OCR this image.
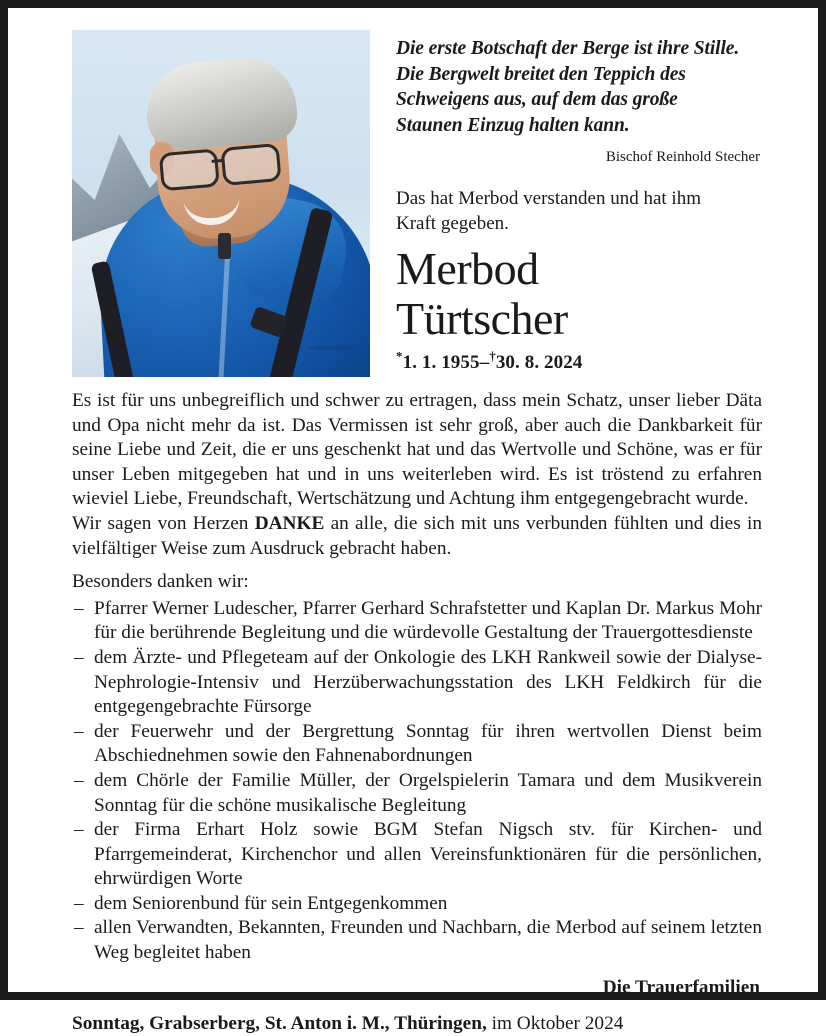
Die erste Botschaft der Berge ist ihre Stille.
Die Bergwelt breitet den Teppich des
Schweigens aus, auf dem das große
Staunen Einzug halten kann.
Bischof Reinhold Stecher
Das hat Merbod verstanden und hat ihm
Kraft gegeben.
Merbod
Türtscher
*1. 1. 1955–†30. 8. 2024

Es ist für uns unbegreiflich und schwer zu ertragen, dass mein Schatz, unser lieber Däta und Opa nicht mehr da ist. Das Vermissen ist sehr groß, aber auch die Dankbarkeit für seine Liebe und Zeit, die er uns geschenkt hat und das Wertvolle und Schöne, was er für unser Leben mitgegeben hat und in uns weiterleben wird. Es ist tröstend zu erfahren wieviel Liebe, Freundschaft, Wertschätzung und Achtung ihm entgegengebracht wurde.

Wir sagen von Herzen DANKE an alle, die sich mit uns verbunden fühlten und dies in vielfältiger Weise zum Ausdruck gebracht haben.

Besonders danken wir:

– Pfarrer Werner Ludescher, Pfarrer Gerhard Schrafstetter und Kaplan Dr. Markus Mohr für die berührende Begleitung und die würdevolle Gestaltung der Trauergottesdienste
– dem Ärzte- und Pflegeteam auf der Onkologie des LKH Rankweil sowie der Dialyse-Nephrologie-Intensiv und Herzüberwachungsstation des LKH Feldkirch für die entgegengebrachte Fürsorge
– der Feuerwehr und der Bergrettung Sonntag für ihren wertvollen Dienst beim Abschiednehmen sowie den Fahnenabordnungen
– dem Chörle der Familie Müller, der Orgelspielerin Tamara und dem Musikverein Sonntag für die schöne musikalische Begleitung
– der Firma Erhart Holz sowie BGM Stefan Nigsch stv. für Kirchen- und Pfarrgemeinderat, Kirchenchor und allen Vereinsfunktionären für die persönlichen, ehrwürdigen Worte
– dem Seniorenbund für sein Entgegenkommen
– allen Verwandten, Bekannten, Freunden und Nachbarn, die Merbod auf seinem letzten Weg begleitet haben
Die Trauerfamilien
Sonntag, Grabserberg, St. Anton i. M., Thüringen, im Oktober 2024
